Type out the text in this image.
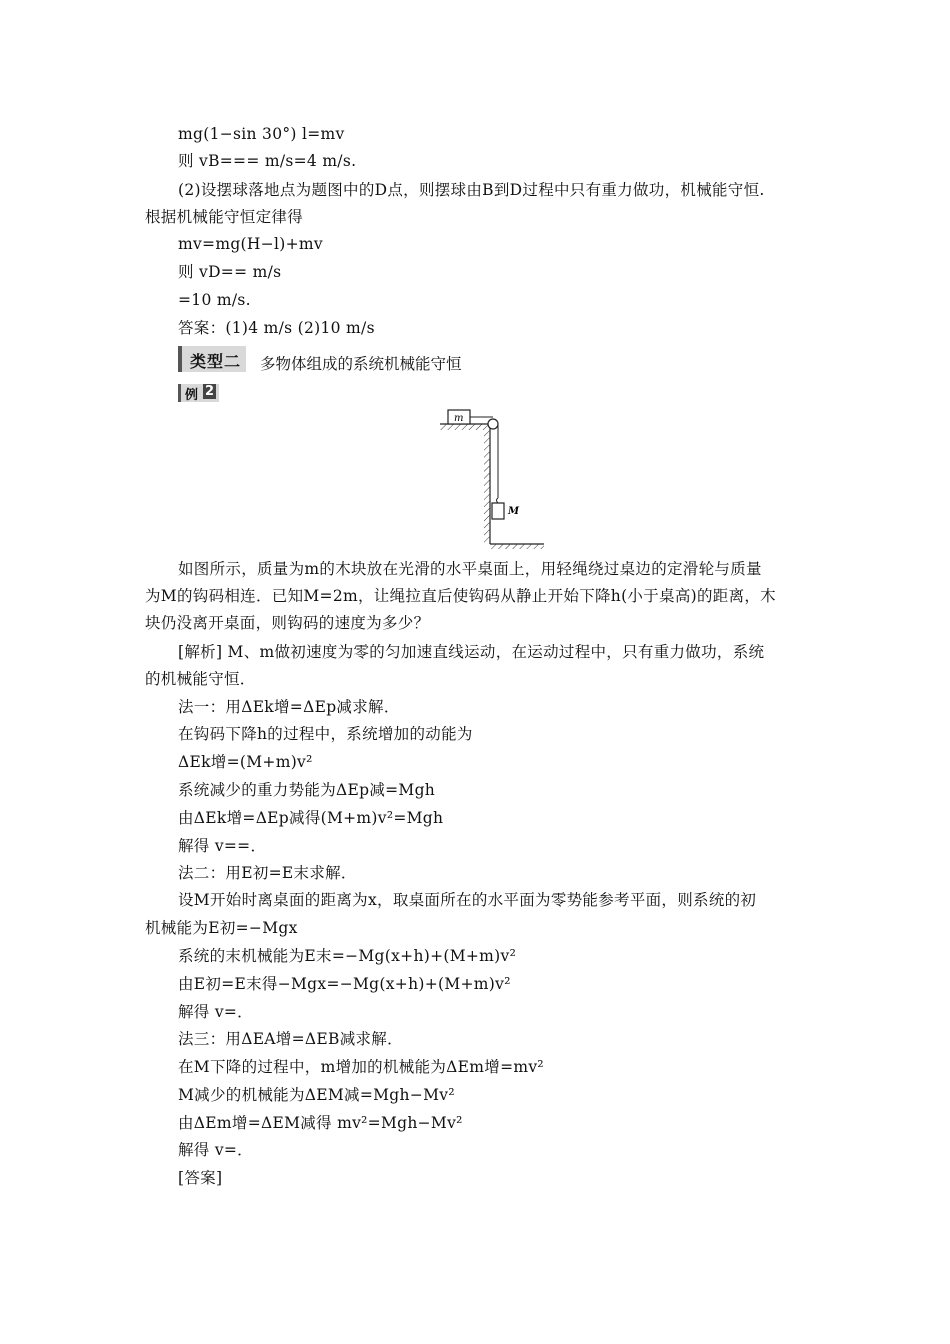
mg(1−sin 30°) l=mv
则 vB=== m/s=4 m/s.
(2)设摆球落地点为题图中的D点，则摆球由B到D过程中只有重力做功，机械能守恒.
根据机械能守恒定律得
mv=mg(H−l)+mv
则 vD== m/s
=10 m/s.
答案：(1)4 m/s (2)10 m/s
类型二 多物体组成的系统机械能守恒
例 2
m
M
如图所示，质量为m的木块放在光滑的水平桌面上，用轻绳绕过桌边的定滑轮与质量
为M的钩码相连．已知M=2m，让绳拉直后使钩码从静止开始下降h(小于桌高)的距离，木
块仍没离开桌面，则钩码的速度为多少？
[解析] M、m做初速度为零的匀加速直线运动，在运动过程中，只有重力做功，系统
的机械能守恒．
法一：用ΔEk增=ΔEp减求解．
在钩码下降h的过程中，系统增加的动能为
ΔEk增=(M+m)v²
系统减少的重力势能为ΔEp减=Mgh
由ΔEk增=ΔEp减得(M+m)v²=Mgh
解得 v==．
法二：用E初=E末求解．
设M开始时离桌面的距离为x，取桌面所在的水平面为零势能参考平面，则系统的初
机械能为E初=−Mgx
系统的末机械能为E末=−Mg(x+h)+(M+m)v²
由E初=E末得−Mgx=−Mg(x+h)+(M+m)v²
解得 v=．
法三：用ΔEA增=ΔEB减求解．
在M下降的过程中，m增加的机械能为ΔEm增=mv²
M减少的机械能为ΔEM减=Mgh−Mv²
由ΔEm增=ΔEM减得 mv²=Mgh−Mv²
解得 v=．
[答案]
